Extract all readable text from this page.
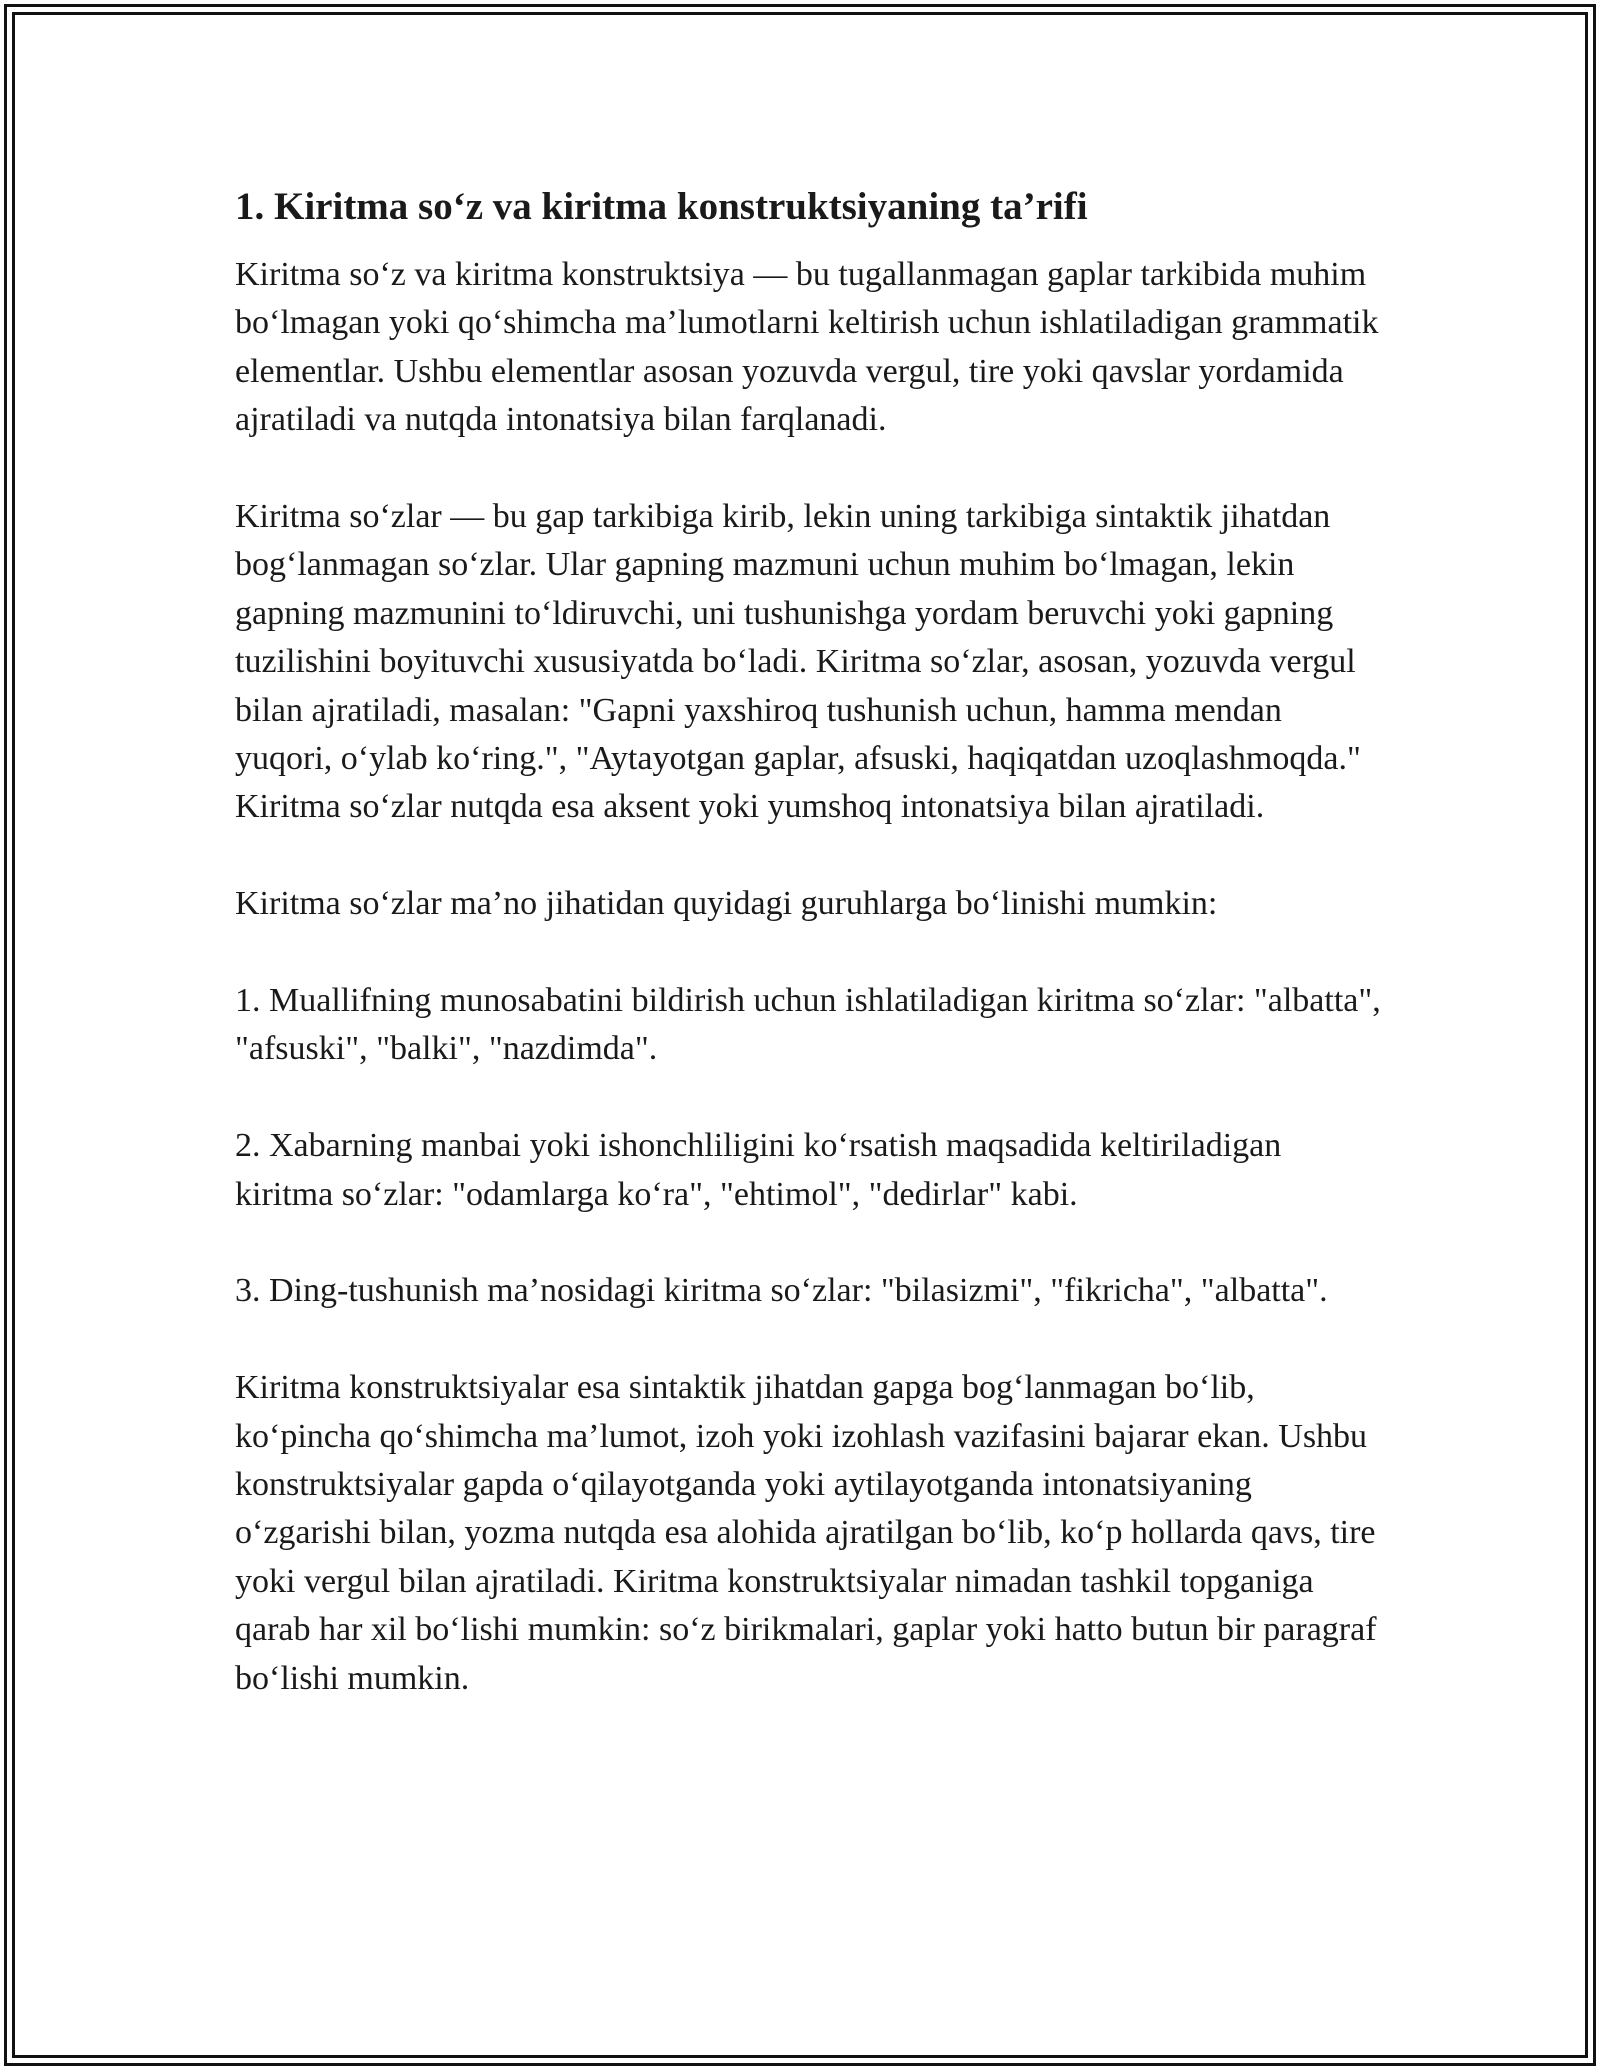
1. Kiritma so‘z va kiritma konstruktsiyaning ta’rifi

Kiritma so‘z va kiritma konstruktsiya — bu tugallanmagan gaplar tarkibida muhim bo‘lmagan yoki qo‘shimcha ma’lumotlarni keltirish uchun ishlatiladigan grammatik elementlar. Ushbu elementlar asosan yozuvda vergul, tire yoki qavslar yordamida ajratiladi va nutqda intonatsiya bilan farqlanadi.

Kiritma so‘zlar — bu gap tarkibiga kirib, lekin uning tarkibiga sintaktik jihatdan bog‘lanmagan so‘zlar. Ular gapning mazmuni uchun muhim bo‘lmagan, lekin gapning mazmunini to‘ldiruvchi, uni tushunishga yordam beruvchi yoki gapning tuzilishini boyituvchi xususiyatda bo‘ladi. Kiritma so‘zlar, asosan, yozuvda vergul bilan ajratiladi, masalan: "Gapni yaxshiroq tushunish uchun, hamma mendan yuqori, o‘ylab ko‘ring.", "Aytayotgan gaplar, afsuski, haqiqatdan uzoqlashmoqda." Kiritma so‘zlar nutqda esa aksent yoki yumshoq intonatsiya bilan ajratiladi.

Kiritma so‘zlar ma’no jihatidan quyidagi guruhlarga bo‘linishi mumkin:

1. Muallifning munosabatini bildirish uchun ishlatiladigan kiritma so‘zlar: "albatta", "afsuski", "balki", "nazdimda".

2. Xabarning manbai yoki ishonchliligini ko‘rsatish maqsadida keltiriladigan kiritma so‘zlar: "odamlarga ko‘ra", "ehtimol", "dedirlar" kabi.

3. Ding-tushunish ma’nosidagi kiritma so‘zlar: "bilasizmi", "fikricha", "albatta".

Kiritma konstruktsiyalar esa sintaktik jihatdan gapga bog‘lanmagan bo‘lib, ko‘pincha qo‘shimcha ma’lumot, izoh yoki izohlash vazifasini bajarar ekan. Ushbu konstruktsiyalar gapda o‘qilayotganda yoki aytilayotganda intonatsiyaning o‘zgarishi bilan, yozma nutqda esa alohida ajratilgan bo‘lib, ko‘p hollarda qavs, tire yoki vergul bilan ajratiladi. Kiritma konstruktsiyalar nimadan tashkil topganiga qarab har xil bo‘lishi mumkin: so‘z birikmalari, gaplar yoki hatto butun bir paragraf bo‘lishi mumkin.
